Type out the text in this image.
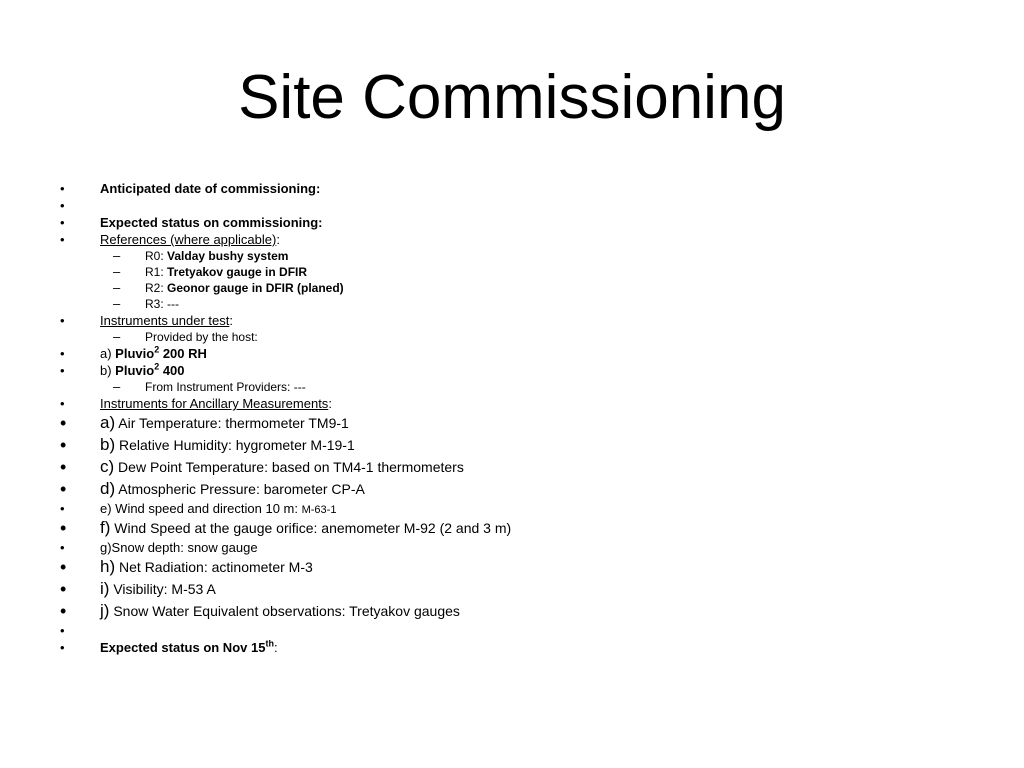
Site Commissioning
•	Anticipated date of commissioning:
•
•	Expected status on commissioning:
•	References (where applicable):
– R0: Valday bushy system
– R1: Tretyakov gauge in DFIR
– R2: Geonor gauge in DFIR (planed)
– R3: ---
•	Instruments under test:
– Provided by the host:
•	a) Pluvio$^2$ 200 RH
•	b) Pluvio$^2$ 400
– From Instrument Providers: ---
•	Instruments for Ancillary Measurements:
• a) Air Temperature: thermometer TM9-1
• b) Relative Humidity: hygrometer M-19-1
• c) Dew Point Temperature: based on TM4-1 thermometers
• d) Atmospheric Pressure: barometer CP-A
•	e) Wind speed and direction 10 m: M-63-1
• f) Wind Speed at the gauge orifice: anemometer M-92 (2 and 3 m)
•	g)Snow depth: snow gauge
• h) Net Radiation: actinometer M-3
• i) Visibility: M-53 A
• j) Snow Water Equivalent observations: Tretyakov gauges
•
•	Expected status on Nov 15th:
